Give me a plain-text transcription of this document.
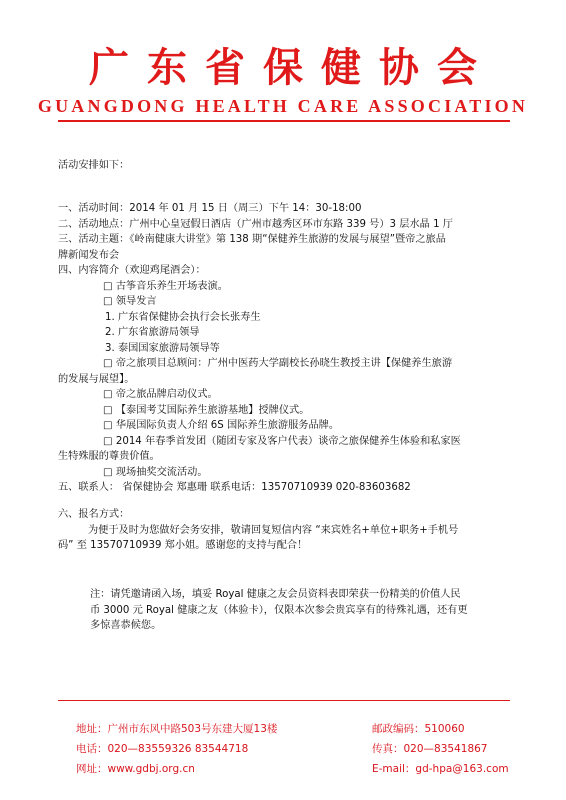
广东省保健协会
GUANGDONG HEALTH CARE ASSOCIATION
活动安排如下：
一、活动时间：2014 年 01 月 15 日（周三）下午 14：30-18:00
二、活动地点：广州中心皇冠假日酒店（广州市越秀区环市东路 339 号）3 层水晶 1 厅
三、活动主题：《岭南健康大讲堂》第 138 期“保健养生旅游的发展与展望”暨帝之旅品
牌新闻发布会
四、内容简介（欢迎鸡尾酒会）：
□ 古筝音乐养生开场表演。
□ 领导发言
1. 广东省保健协会执行会长张寿生
2. 广东省旅游局领导
3. 泰国国家旅游局领导等
□ 帝之旅项目总顾问：广州中医药大学副校长孙晓生教授主讲【保健养生旅游
的发展与展望】。
□ 帝之旅品牌启动仪式。
□ 【泰国考艾国际养生旅游基地】授牌仪式。
□ 华展国际负责人介绍 6S 国际养生旅游服务品牌。
□ 2014 年春季首发团（随团专家及客户代表）谈帝之旅保健养生体验和私家医
生特殊服的尊贵价值。
□ 现场抽奖交流活动。
五、联系人： 省保健协会 郑惠珊 联系电话：13570710939 020-83603682
六、报名方式：
为便于及时为您做好会务安排，敬请回复短信内容 “来宾姓名+单位+职务+手机号
码” 至 13570710939 郑小姐。感谢您的支持与配合！
注：请凭邀请函入场，填妥 Royal 健康之友会员资料表即荣获一份精美的价值人民
币 3000 元 Royal 健康之友（体验卡），仅限本次参会贵宾享有的待殊礼遇，还有更
多惊喜恭候您。
地址：广州市东风中路503号东建大厦13楼	邮政编码：510060
电话：020—83559326 83544718	传真：020—83541867
网址：www.gdbj.org.cn	E-mail：gd-hpa@163.com
